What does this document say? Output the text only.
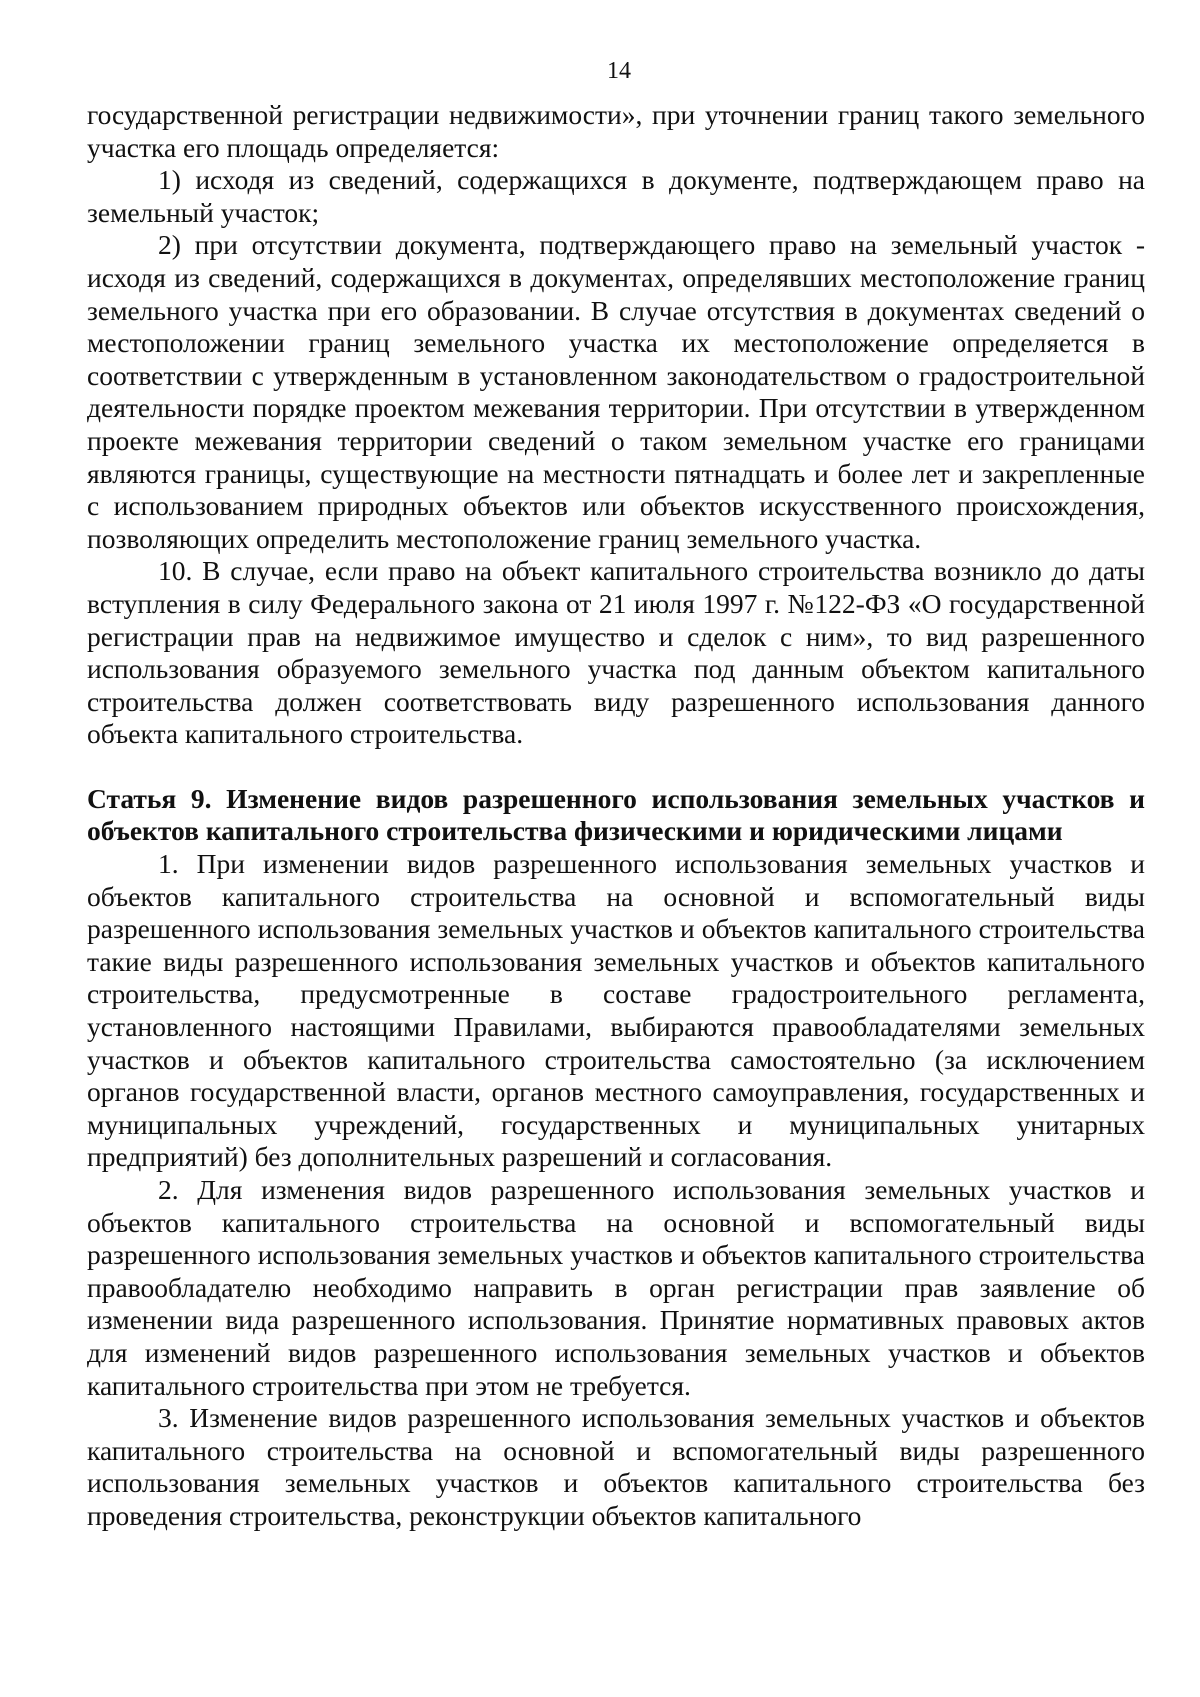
14

государственной регистрации недвижимости», при уточнении границ такого земельного участка его площадь определяется:

1) исходя из сведений, содержащихся в документе, подтверждающем право на земельный участок;

2) при отсутствии документа, подтверждающего право на земельный участок - исходя из сведений, содержащихся в документах, определявших местоположение границ земельного участка при его образовании. В случае отсутствия в документах сведений о местоположении границ земельного участка их местоположение определяется в соответствии с утвержденным в установленном законодательством о градостроительной деятельности порядке проектом межевания территории. При отсутствии в утвержденном проекте межевания территории сведений о таком земельном участке его границами являются границы, существующие на местности пятнадцать и более лет и закрепленные с использованием природных объектов или объектов искусственного происхождения, позволяющих определить местоположение границ земельного участка.

10. В случае, если право на объект капитального строительства возникло до даты вступления в силу Федерального закона от 21 июля 1997 г. №122-ФЗ «О государственной регистрации прав на недвижимое имущество и сделок с ним», то вид разрешенного использования образуемого земельного участка под данным объектом капитального строительства должен соответствовать виду разрешенного использования данного объекта капитального строительства.

Статья 9. Изменение видов разрешенного использования земельных участков и объектов капитального строительства физическими и юридическими лицами

1. При изменении видов разрешенного использования земельных участков и объектов капитального строительства на основной и вспомогательный виды разрешенного использования земельных участков и объектов капитального строительства такие виды разрешенного использования земельных участков и объектов капитального строительства, предусмотренные в составе градостроительного регламента, установленного настоящими Правилами, выбираются правообладателями земельных участков и объектов капитального строительства самостоятельно (за исключением органов государственной власти, органов местного самоуправления, государственных и муниципальных учреждений, государственных и муниципальных унитарных предприятий) без дополнительных разрешений и согласования.

2. Для изменения видов разрешенного использования земельных участков и объектов капитального строительства на основной и вспомогательный виды разрешенного использования земельных участков и объектов капитального строительства правообладателю необходимо направить в орган регистрации прав заявление об изменении вида разрешенного использования. Принятие нормативных правовых актов для изменений видов разрешенного использования земельных участков и объектов капитального строительства при этом не требуется.

3. Изменение видов разрешенного использования земельных участков и объектов капитального строительства на основной и вспомогательный виды разрешенного использования земельных участков и объектов капитального строительства без проведения строительства, реконструкции объектов капитального
